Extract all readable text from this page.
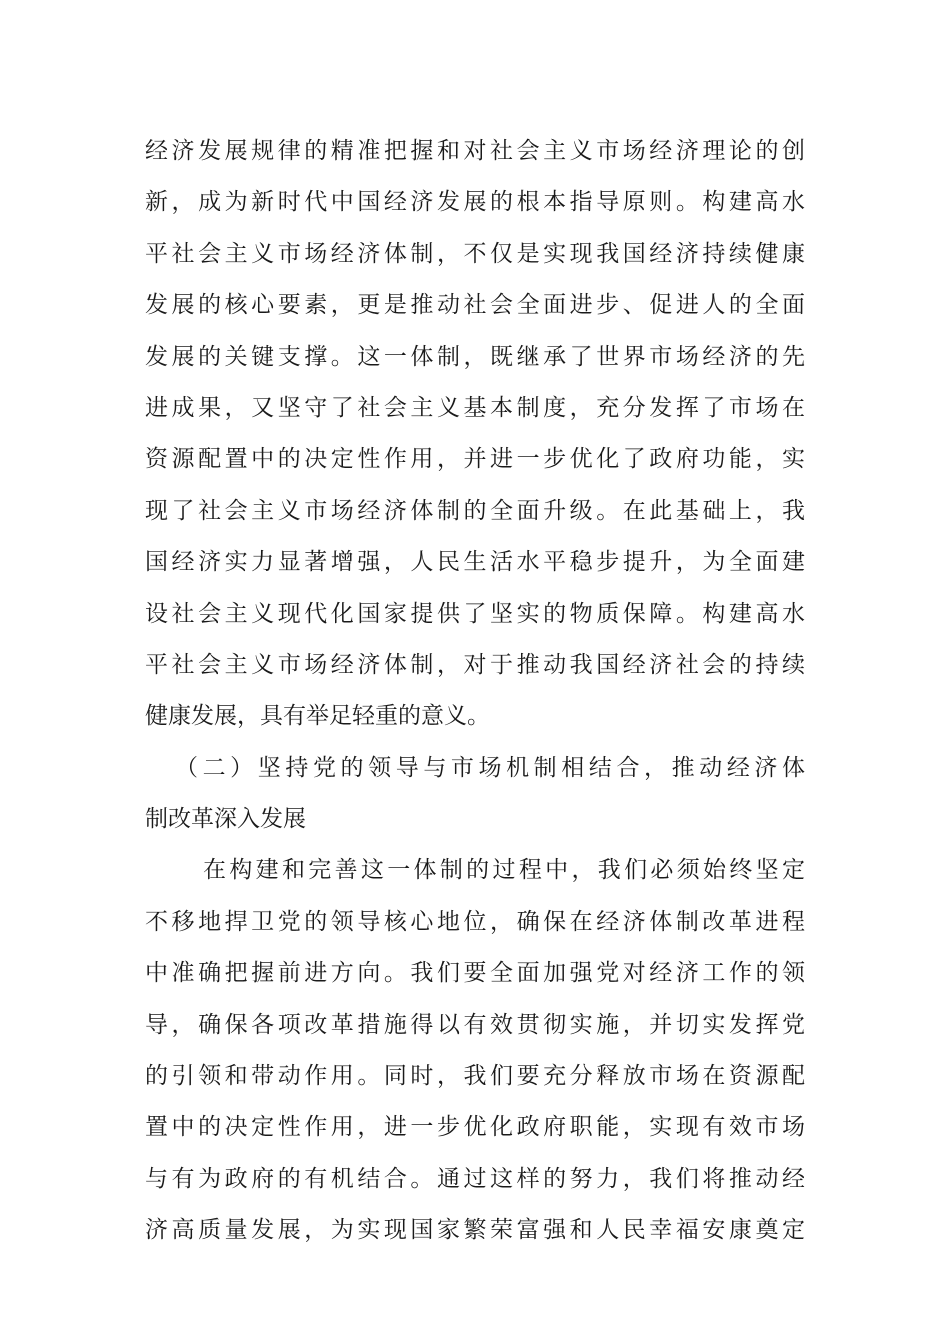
经济发展规律的精准把握和对社会主义市场经济理论的创
新，成为新时代中国经济发展的根本指导原则。构建高水
平社会主义市场经济体制，不仅是实现我国经济持续健康
发展的核心要素，更是推动社会全面进步、促进人的全面
发展的关键支撑。这一体制，既继承了世界市场经济的先
进成果，又坚守了社会主义基本制度，充分发挥了市场在
资源配置中的决定性作用，并进一步优化了政府功能，实
现了社会主义市场经济体制的全面升级。在此基础上，我
国经济实力显著增强，人民生活水平稳步提升，为全面建
设社会主义现代化国家提供了坚实的物质保障。构建高水
平社会主义市场经济体制，对于推动我国经济社会的持续
健康发展，具有举足轻重的意义。
（二）坚持党的领导与市场机制相结合，推动经济体
制改革深入发展
在构建和完善这一体制的过程中，我们必须始终坚定
不移地捍卫党的领导核心地位，确保在经济体制改革进程
中准确把握前进方向。我们要全面加强党对经济工作的领
导，确保各项改革措施得以有效贯彻实施，并切实发挥党
的引领和带动作用。同时，我们要充分释放市场在资源配
置中的决定性作用，进一步优化政府职能，实现有效市场
与有为政府的有机结合。通过这样的努力，我们将推动经
济高质量发展，为实现国家繁荣富强和人民幸福安康奠定
